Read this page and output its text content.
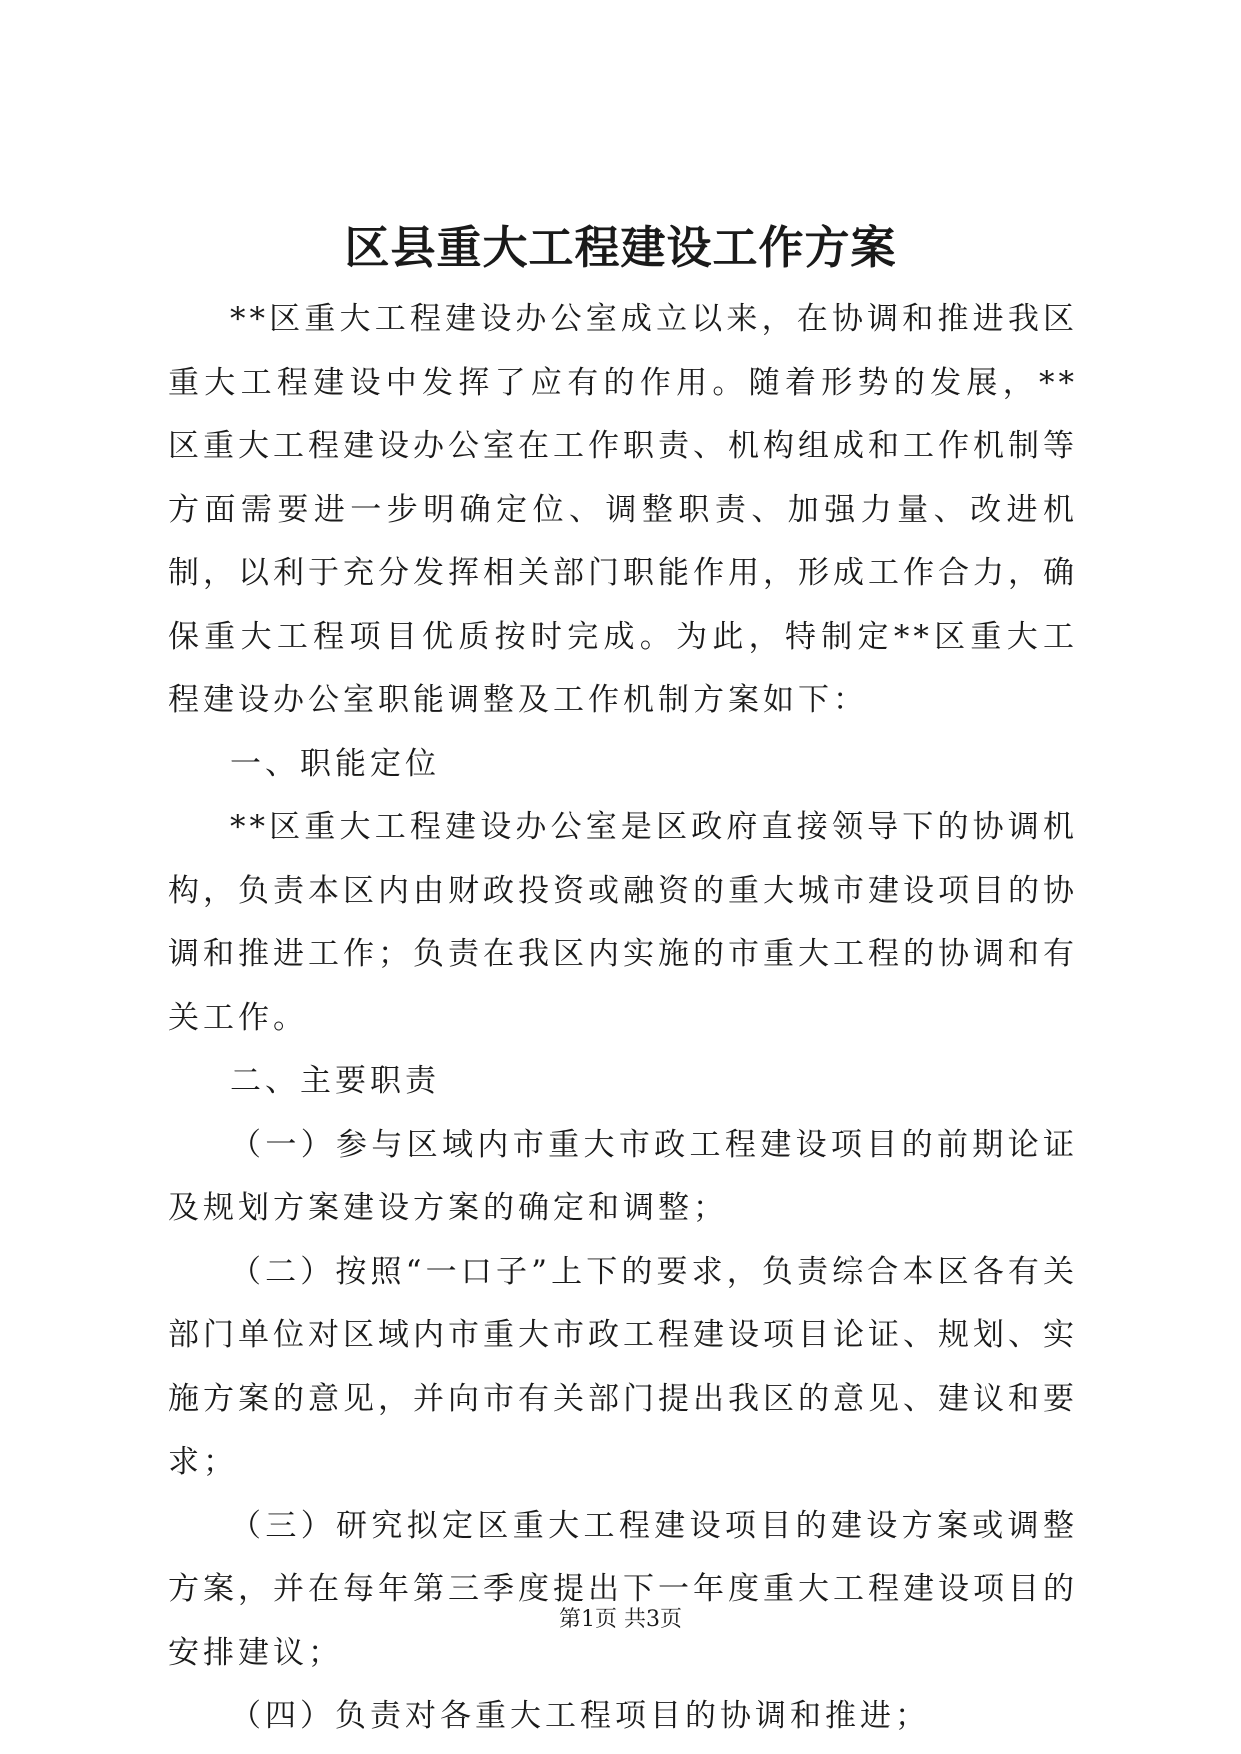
区县重大工程建设工作方案

**区重大工程建设办公室成立以来，在协调和推进我区重大工程建设中发挥了应有的作用。随着形势的发展，**区重大工程建设办公室在工作职责、机构组成和工作机制等方面需要进一步明确定位、调整职责、加强力量、改进机制，以利于充分发挥相关部门职能作用，形成工作合力，确保重大工程项目优质按时完成。为此，特制定**区重大工程建设办公室职能调整及工作机制方案如下：

一、职能定位

**区重大工程建设办公室是区政府直接领导下的协调机构，负责本区内由财政投资或融资的重大城市建设项目的协调和推进工作；负责在我区内实施的市重大工程的协调和有关工作。

二、主要职责

（一）参与区域内市重大市政工程建设项目的前期论证及规划方案建设方案的确定和调整；

（二）按照“一口子”上下的要求，负责综合本区各有关部门单位对区域内市重大市政工程建设项目论证、规划、实施方案的意见，并向市有关部门提出我区的意见、建议和要求；

（三）研究拟定区重大工程建设项目的建设方案或调整方案，并在每年第三季度提出下一年度重大工程建设项目的安排建议；

（四）负责对各重大工程项目的协调和推进；

第1页 共3页
